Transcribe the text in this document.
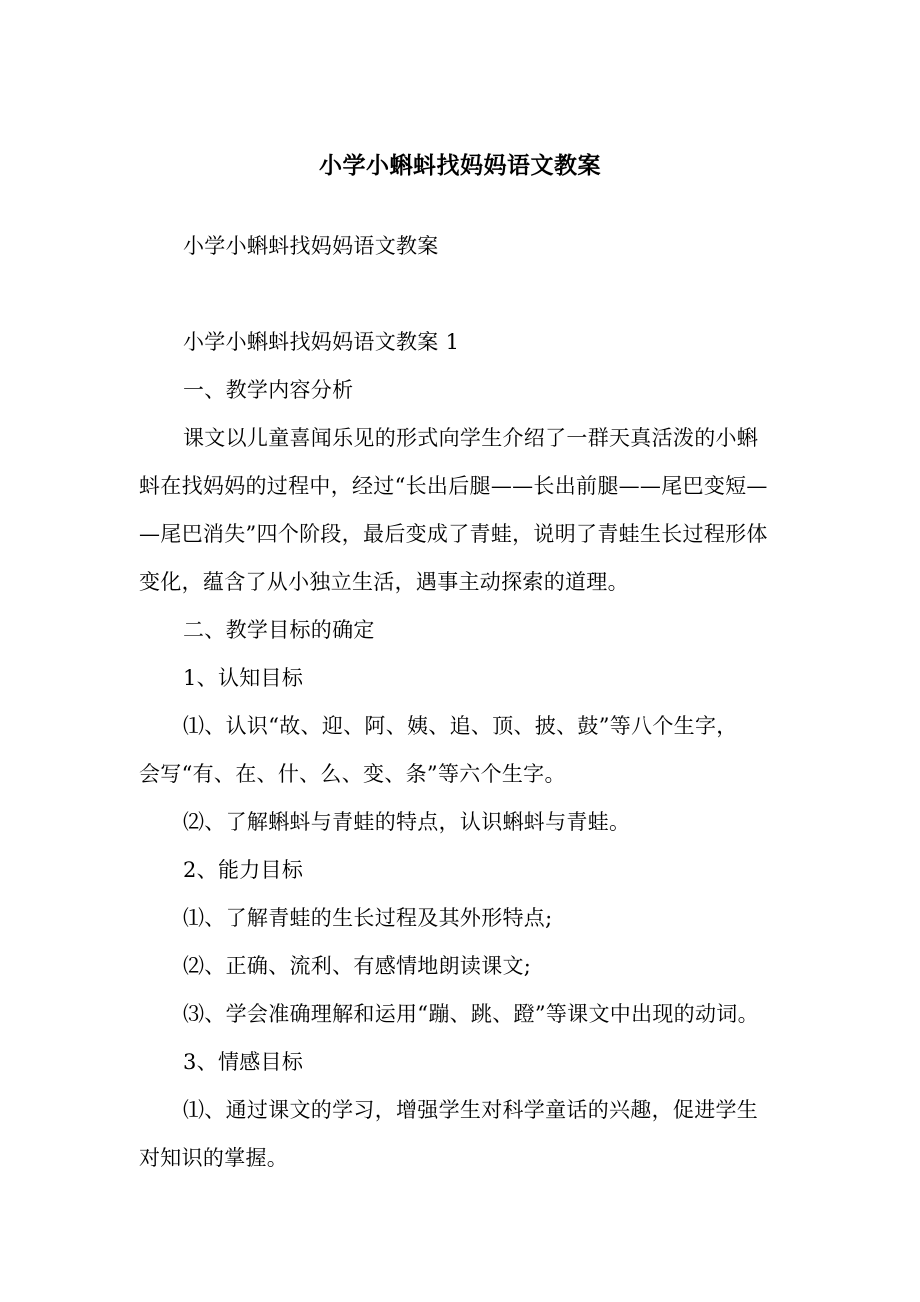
小学小蝌蚪找妈妈语文教案
小学小蝌蚪找妈妈语文教案
小学小蝌蚪找妈妈语文教案 1
一、教学内容分析
课文以儿童喜闻乐见的形式向学生介绍了一群天真活泼的小蝌
蚪在找妈妈的过程中，经过“长出后腿——长出前腿——尾巴变短—
—尾巴消失”四个阶段，最后变成了青蛙，说明了青蛙生长过程形体
变化，蕴含了从小独立生活，遇事主动探索的道理。
二、教学目标的确定
1、认知目标
⑴、认识“故、迎、阿、姨、追、顶、披、鼓”等八个生字，
会写“有、在、什、么、变、条”等六个生字。
⑵、了解蝌蚪与青蛙的特点，认识蝌蚪与青蛙。
2、能力目标
⑴、了解青蛙的生长过程及其外形特点;
⑵、正确、流利、有感情地朗读课文;
⑶、学会准确理解和运用“蹦、跳、蹬”等课文中出现的动词。
3、情感目标
⑴、通过课文的学习，增强学生对科学童话的兴趣，促进学生
对知识的掌握。
